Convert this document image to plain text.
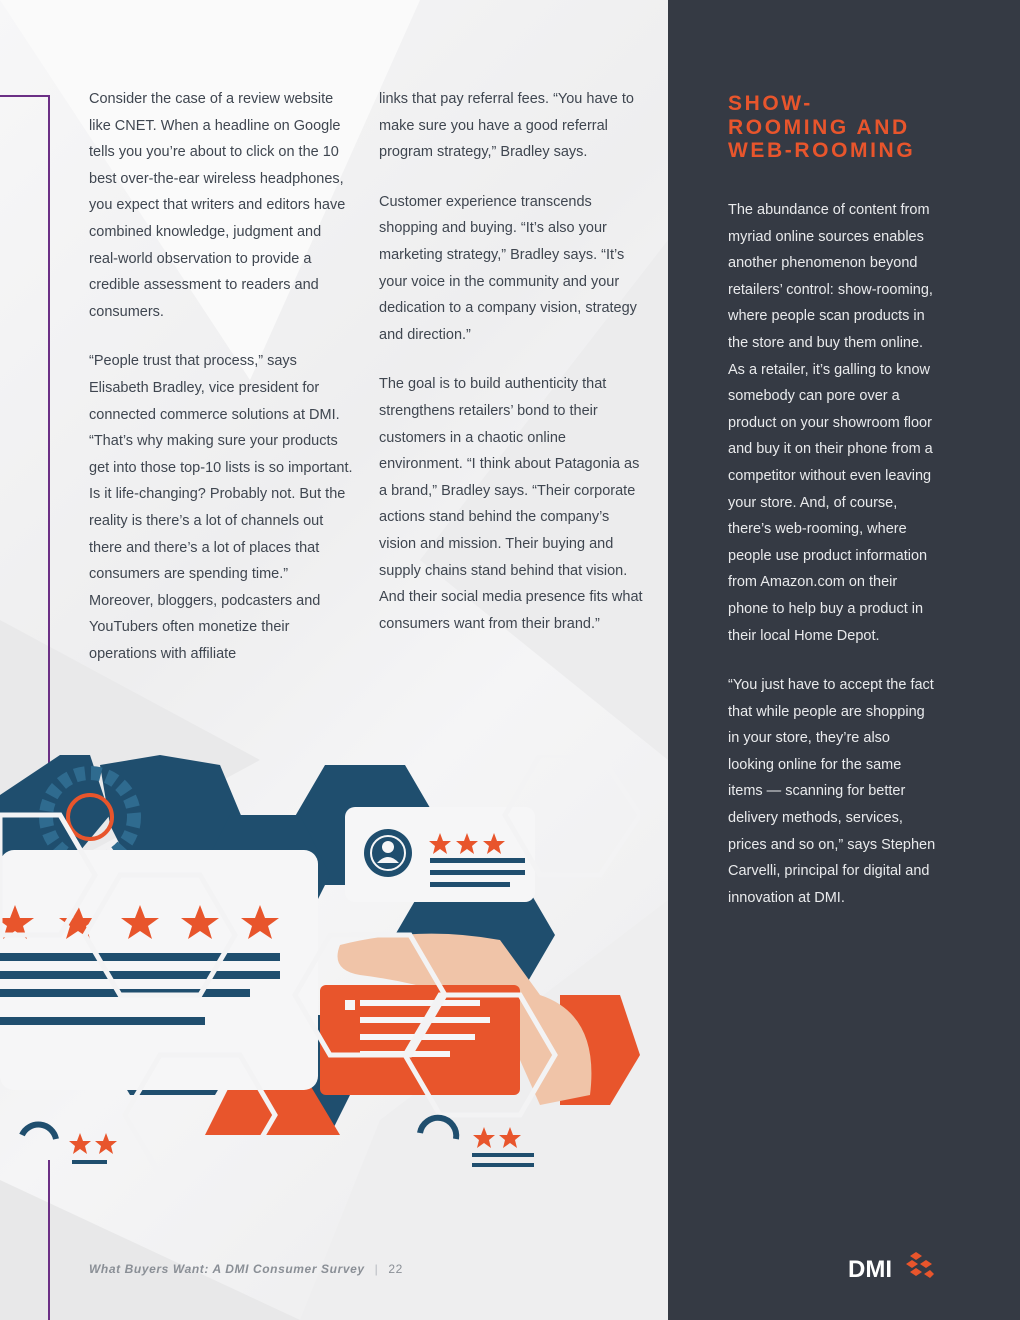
Consider the case of a review website like CNET. When a headline on Google tells you you’re about to click on the 10 best over-the-ear wireless headphones, you expect that writers and editors have combined knowledge, judgment and real-world observation to provide a credible assessment to readers and consumers.

“People trust that process,” says Elisabeth Bradley, vice president for connected commerce solutions at DMI. “That’s why making sure your products get into those top-10 lists is so important. Is it life-changing? Probably not. But the reality is there’s a lot of channels out there and there’s a lot of places that consumers are spending time.” Moreover, bloggers, podcasters and YouTubers often monetize their operations with affiliate

links that pay referral fees. “You have to make sure you have a good referral program strategy,” Bradley says.

Customer experience transcends shopping and buying. “It’s also your marketing strategy,” Bradley says. “It’s your voice in the community and your dedication to a company vision, strategy and direction.”

The goal is to build authenticity that strengthens retailers’ bond to their customers in a chaotic online environment. “I think about Patagonia as a brand,” Bradley says. “Their corporate actions stand behind the company’s vision and mission. Their buying and supply chains stand behind that vision. And their social media presence fits what consumers want from their brand.”

What Buyers Want: A DMI Consumer Survey | 22
SHOW-
ROOMING AND
WEB-ROOMING

The abundance of content from myriad online sources enables another phenomenon beyond retailers’ control: show-rooming, where people scan products in the store and buy them online. As a retailer, it’s galling to know somebody can pore over a product on your showroom floor and buy it on their phone from a competitor without even leaving your store. And, of course, there’s web-rooming, where people use product information from Amazon.com on their phone to help buy a product in their local Home Depot.

“You just have to accept the fact that while people are shopping in your store, they’re also looking online for the same items — scanning for better delivery methods, services, prices and so on,” says Stephen Carvelli, principal for digital and innovation at DMI.

DMI
